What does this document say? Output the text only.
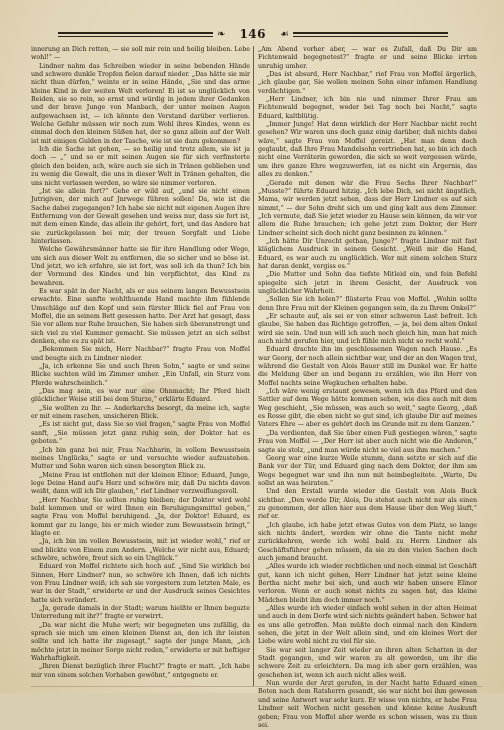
❧	146	☙

innerung an Dich retten, — sie soll mir rein und heilig bleiben. Lebe wohl!“ —

Lindner nahm das Schreiben wieder in seine bebenden Hände und schwere dunkle Tropfen fielen darauf nieder. „Das hätte sie mir nicht thun dürfen,“ weinte er in seine Hände, „Sie und das arme kleine Kind in der weiten Welt verloren! Ei ist so unglücklich von Beiden, sie so rein, so ernst und würdig in jedem ihrer Gedanken und der brave Junge von Manbach, der unter meinen Augen aufgewachsen ist, — ich könnte den Verstand darüber verlieren. Welche Gefahr müssen wir noch zum Wohl ihres Kindes, wenn es einmal doch den kleinen Süßen hat, der so ganz allein auf der Welt ist mit einigen Gulden in der Tasche, wie ist sie dazu gekommen?

Ich die Sache ist gehen, — so heilig und trotz allem, sie ist ja doch — „“ und so er mit seinen Augen sie für sich verfinsterte gleich den beiden, ach, wäre auch sie sich in Tränen geblieben und zu wenig die Gewalt, die uns in dieser Welt in Tränen gehalten, die uns nicht verlassen werden, so wäre sie nimmer verloren.

„Ist sie allein fort?“ Gehe er wild auf, „und sie nicht einen Jutrigiven, der mich auf Jnrwege führen sollen! Da, wie ist die Sache dabei zugegangen? Ich habe sie nicht mit eigenen Augen ihre Entfernung von der Gewalt gesehen und weiss nur, dass sie fort ist, mit dem einen Kinde, das allein ihr gehört, fort, und das Andere hat sie zurückgelassen bei mir, der treuen Sorgfalt und Liebe hinterlassen.

Welche Gewährsmänner hatte sie für ihre Handlung oder Wege, um sich aus dieser Welt zu entfernen, die so sicher und so böse ist. Und jetzt, wo ich erfahre, sie ist fort, was soll ich da thun? Ich bin der Vormund des Kindes und bin verpflichtet, das Kind zu bewahren.

Es war spät in der Nacht, als er aus seinem langen Bewusstsein erwachte. Eine sanfte wohlthuende Hand machte ihm fühlende Umschläge auf den Kopf und sein fürster Blick fiel auf Frau von Moffel, die an seinem Bett gesessen hatte. Der Arzt hat gesagt, dass Sie vor allem nur Ruhe brauchen, Sie haben sich überanstrengt und sich viel zu viel Kummer gemacht. Sie müssen jetzt an sich selbst denken, ehe es zu spät ist.

„Bekommen Sie mich, Herr Nachbar?“ fragte Frau von Moffel und beugte sich zu Lindner nieder.

„Ja, ich erkenne Sie und auch Ihren Sohn,“ sagte er und seine Blicke suchten wild im Zimmer umher. „Ein Unfall, ein Sturz vom Pferde wahrscheinlich.“

„Das mag sein, es war nur eine Ohnmacht; Ihr Pferd hielt glücklicher Weise still bei dem Sturze,“ erklärte Eduard.

„Sie wollten zu Ihr. — Anderkarchs besorgt, da meine ich, sagte er mit einem raschen, unsicheren Blick.

„Es ist nicht gut, dass Sie so viel fragen,“ sagte Frau von Moffel sanft, „Sie müssen jetzt ganz ruhig sein, der Doktor hat es geboten.“

„Ich bin ganz bei mir, Frau Nachbarin, in vollem Bewusstsein meines Unglücks,“ sagte er und versuchte wieder aufzustehen. Mutter und Sohn waren sich einen besorgten Blick zu.

„Meine Frau ist entflohen mit der kleinen Elinor; Eduard, Junge, lege Deine Hand auf's Herz und schwöre mir, daß Du nichts davon weißt, dann will ich Dir glauben,“ rief Lindner verzweiflungsvoll.

„Herr Nachbar, Sie sollten ruhig bleiben; der Doktor wird wohl bald kommen und er wird Ihnen ein Beruhigungsmittel geben,“ sagte Frau von Moffel beruhigend. „Ja, der Doktor! Eduard, es kommt gar zu lange, bis er mich wieder zum Bewusstsein bringt,“ klagte er.

„Ja, ich bin im vollen Bewusstsein, mit ist wieder wohl,“ rief er und blickte von Einem zum Andern. „Welche wir nicht aus, Eduard; schwöre, schwöre, freut sich so ein Unglück.“

Eduard von Moffel richtete sich hoch auf. „Sind Sie wirklich bei Sinnen, Herr Lindner? nun, so schwöre ich Ihnen, daß ich nichts von Frau Lindner weiß; ich sah sie vorgestern zum letzten Male, es war in der Stadt,“ erwiderte er und der Ausdruck seines Gesichtes hatte sich verändert.

„Ja, gerade damals in der Stadt; warum hielßte er Ihnen beguzte Unterredung mit ihr?“ fragte er verwirrt.

„Da war nicht die Muhe wert; wir begegneten uns zufällig, da sprach sie mich um einen kleinen Dienst an, den ich ihr leisten sollte und ich hatte ihr zugesagt,“ sagte der junge Mann, „ich möchte jetzt in meiner Sorge nicht reden,“ erwiderte er mit heftiger Wahrhaftigkeit.

„Ihren Dienst bezüglich ihrer Flucht?“ fragte er matt. „Ich habe mir von einem solchen Vorhaben gewöhnt,“ entgegnete er.

„Am Abend vorher aber, — war es Zufall, daß Du Dir am Fichtenwald begegnetest?“ fragte er und seine Blicke irrten unruhig umher.

„Das ist absurd, Herr Nachbar,“ rief Frau von Moffel ärgerlich, „ich glaube gar, Sie wollen meinen Sohn einer infamen Handlung verdächtigen.“

„Herr Lindner, ich bin nie und nimmer Ihrer Frau am Fichtenwald begegnet, weder bei Tag noch bei Nacht,“ sagte Eduard, kaltblütig.

„Immer Junge! Hat denn wirklich der Herr Nachbar nicht recht gesehen? Wir waren uns doch ganz einig darüber, daß nichts dabei wäre,“ sagte Frau von Moffel gereizt. „Hat man denn doch geglaubt, daß Ihre Frau Mandelsohn vertrieben hat, so bin ich doch nicht eine Verräterin geworden, die sich so weit vergessen würde, um ihre ganze Ehre wegzuwerfen, ist es nicht ein Ärgernis, das alles zu denken.“

„Gerade mit denen wär die Frau Sechs Ihrer Nachbar!“ „Musste?“ führte Eduard hitzig. „Ich lebe Dich, sei nicht ängstlich, Mama, wir werden jetzt sehen, dass der Herr Lindner es auf sich nimmt,“ — der Sohn dreht sich um und ging kalt aus dem Zimmer. „Ich vermute, daß Sie jetzt wieder zu Hause sein können, da wir vor allem die Ruhe brauchen; ich gehe jetzt zum Doktor, der Herr Lindner scheint sich doch nicht ganz besinnen zu können.“

„Ich hätte Dir Unrecht gethan, Junge?“ fragte Lindner mit fast kläglichem Ausdruck in seinem Gesicht. „Weiß mir die Hand, Eduard, es war auch zu unglücklich. Wer mit einem solchen Sturz hat daran denkt, vergiss es.“

„Die Mutter und Sohn das tiefste Mitleid ein, und fein Befehl spiegelte sich jetzt in ihrem Gesicht, der Ausdruck von unglücklicher Wahrheit.

„Sollen Sie ich holen?“ flüsterte Frau von Moffel. „Wohin sollte denn Ihre Frau mit der Kleinen gegangen sein, da zu Ihrem Onkel?“

„Er schaute auf, als sei er von einer schweren Last befreit. Ich glaube, Sie haben das Richtige getroffen, — ja, bei dem alten Onkel wird sie sein. Und nun will ich auch noch gleich hin, man hat mich auch nicht gerufen hier, und ich fühle mich nicht so recht wohl.“

Eduard drachte ihn im geschlossenen Wagen nach Hause. „Es war Georg, der noch allein sichtbar war, und der an den Wagen trat, während die Gestalt von Alois Bauer still im Dunkel war. Er hatte die Meldung über an und begann zu erzählen, wie ihn Herr von Moffel nachts seine Wegkuchen erhalten habe.

„Ich wäre wenig erstaunt gewesen, wenn ich das Pferd und den Sattler auf dem Wege hätte kommen sehen, wie dies auch mit dem Weg geschieht, „Sie müssen, was auch so weit,“ sagte Georg, „daß es Rosse gibt, die eben nicht so gut sind, ich glaube Dir auf meines Vaters Ehre — aber es gehört doch im Grunde mit zu dem Ganzen.“

„Da verdienten, daß Sie über einen Fuß gestiegen wären,“ sagte Frau von Moffel — „Der Herr ist aber auch nicht wie die Anderen,“ sagte sie stolz, „und man würde nicht so viel aus ihm machen.“

Georg war eine kurze Weile stumm, dann setzte er sich auf die Bank vor der Tür, und Eduard ging nach dem Doktor, der ihm am Wege begegnet war und ihn nun mit heimbegleitete. „Warte, Du sollst an was heiraten.“

Und den Erstall wurde wieder die Gestalt von Alois Buck sichtbar. „Den werde Dir, Alois, Du stehst auch nicht nur als einen zu genommen, der allen hier aus dem Hause über den Weg läuft,“ rief er.

„Ich glaube, ich habe jetzt etwas Gutes von dem Platz, so lange sich nichts ändert, werden wir ohne die Tante nicht mehr zurückkehren, werde ich wohl bald zu Herrn Lindner als Geschäftsführer gehen müssen, da sie zu den vielen Sachen doch auch jemand braucht.

„Alles wurde ich wieder rechtlichen und noch einmal ist Geschäft gut, kann ich nicht gehen, Herr Lindner hat jetzt seine kleine Bertha nicht mehr bei sich, und auch wir haben unsere Elinor verloren. Wenn er auch sonst nichts zu sagen hat, das kleine Mädchen bleibt ihm doch immer noch.“

„Alles wurde ich wieder einfach wohl sehen in der alten Heimat und auch in dem Dorfe wird sich nichts geändert haben. Schwer hat es uns alle getroffen. Man müßte doch einmal nach den Kindern sehen, die jetzt in der Welt allein sind, und ein kleines Wort der Liebe wäre wohl nicht zu viel für sie.

Sie war seit langer Zeit wieder an ihren alten Schatten in der Stadt gegangen, und wir waren zu alt geworden, um ihr die schwere Zeit zu erleichtern. Da mag ich aber gern erzählen, was geschehen ist, wenn ich auch nicht alles weiß.

Nun wurde der Arzt gerufen, in der Nacht hatte Eduard einen Boten nach dem Ratsherrn gesandt, sie war nicht bei ihm gewesen und seine Antwort war sehr kurz. Er wisse von nichts, er habe Frau Lindner seit Wochen nicht gesehen und könne keine Auskunft geben; Frau von Moffel aber werde es schon wissen, was zu thun sei.
